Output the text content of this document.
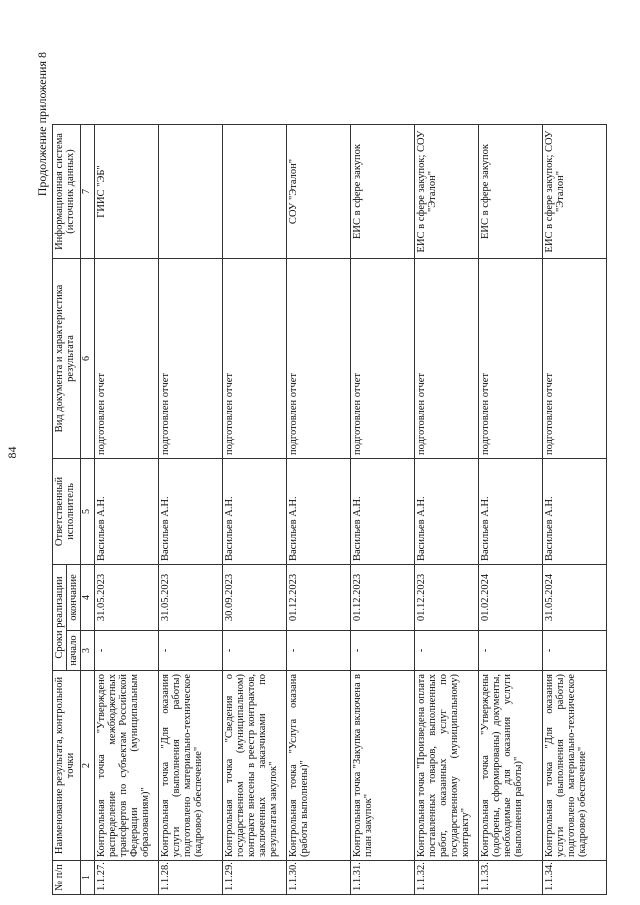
84
Продолжение приложения 8
№ п/п	Наименование результата, контрольной точки	Сроки реализации		Ответственный исполнитель	Вид документа и характеристика результата	Информационная система (источник данных)
		начало	окончание			
1	2	3	4	5	6	7
1.1.27.	Контрольная точка "Утверждено распределение межбюджетных трансфертов по субъектам Российской Федерации (муниципальным образованиям)"	-	31.05.2023	Васильев А.Н.	подготовлен отчет	ГИИС "ЭБ"
1.1.28.	Контрольная точка "Для оказания услуги (выполнения работы) подготовлено материально-техническое (кадровое) обеспечение"	-	31.05.2023	Васильев А.Н.	подготовлен отчет	
1.1.29.	Контрольная точка "Сведения о государственном (муниципальном) контракте внесены в реестр контрактов, заключенных заказчиками по результатам закупок"	-	30.09.2023	Васильев А.Н.	подготовлен отчет	
1.1.30.	Контрольная точка "Услуга оказана (работы выполнены)"	-	01.12.2023	Васильев А.Н.	подготовлен отчет	СОУ "Эталон"
1.1.31.	Контрольная точка "Закупка включена в план закупок"	-	01.12.2023	Васильев А.Н.	подготовлен отчет	ЕИС в сфере закупок
1.1.32.	Контрольная точка "Произведена оплата поставленных товаров, выполненных работ, оказанных услуг по государственному (муниципальному) контракту"	-	01.12.2023	Васильев А.Н.	подготовлен отчет	ЕИС в сфере закупок; СОУ "Эталон"
1.1.33.	Контрольная точка "Утверждены (одобрены, сформированы) документы, необходимые для оказания услуги (выполнения работы)"	-	01.02.2024	Васильев А.Н.	подготовлен отчет	ЕИС в сфере закупок
1.1.34.	Контрольная точка "Для оказания услуги (выполнения работы) подготовлено материально-техническое (кадровое) обеспечение"	-	31.05.2024	Васильев А.Н.	подготовлен отчет	ЕИС в сфере закупок; СОУ "Эталон"
